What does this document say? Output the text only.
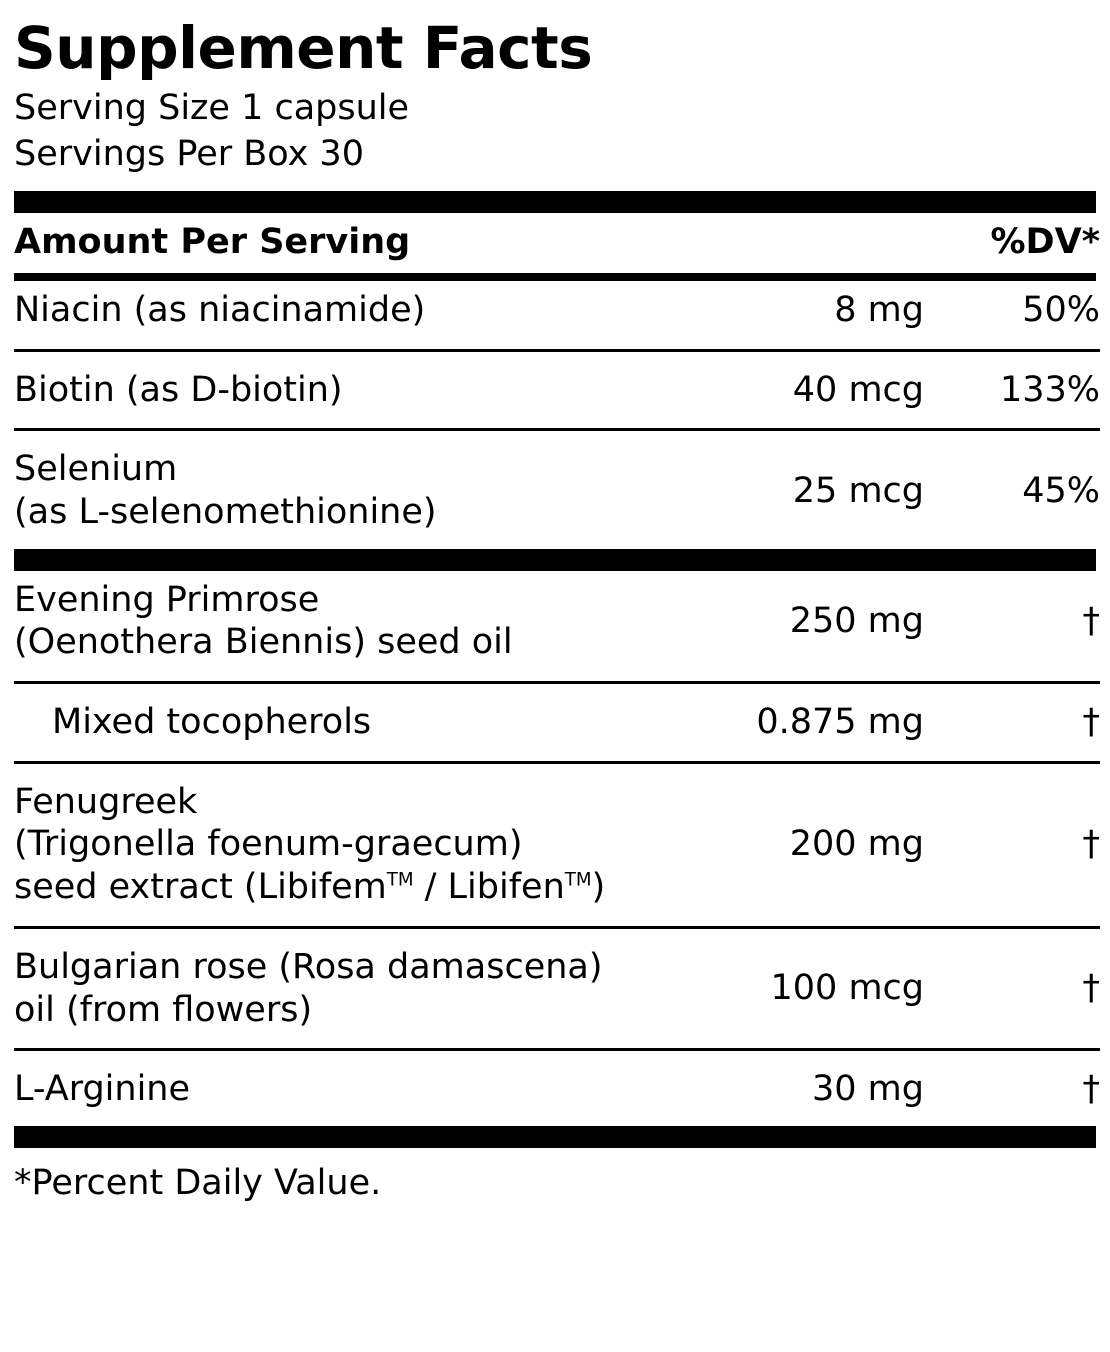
Supplement Facts
Serving Size 1 capsule
Servings Per Box 30
Amount Per Serving		%DV*
Niacin (as niacinamide)	8 mg	50%

Biotin (as D-biotin)	40 mcg	133%

Selenium
(as L-selenomethionine)	25 mcg	45%
Evening Primrose
(Oenothera Biennis) seed oil	250 mg	†

Mixed tocopherols	0.875 mg	†

Fenugreek
(Trigonella foenum-graecum)
seed extract (Libifem™ / Libifen™)	200 mg	†

Bulgarian rose (Rosa damascena)
oil (from flowers)	100 mcg	†

L-Arginine	30 mg	†
*Percent Daily Value.
